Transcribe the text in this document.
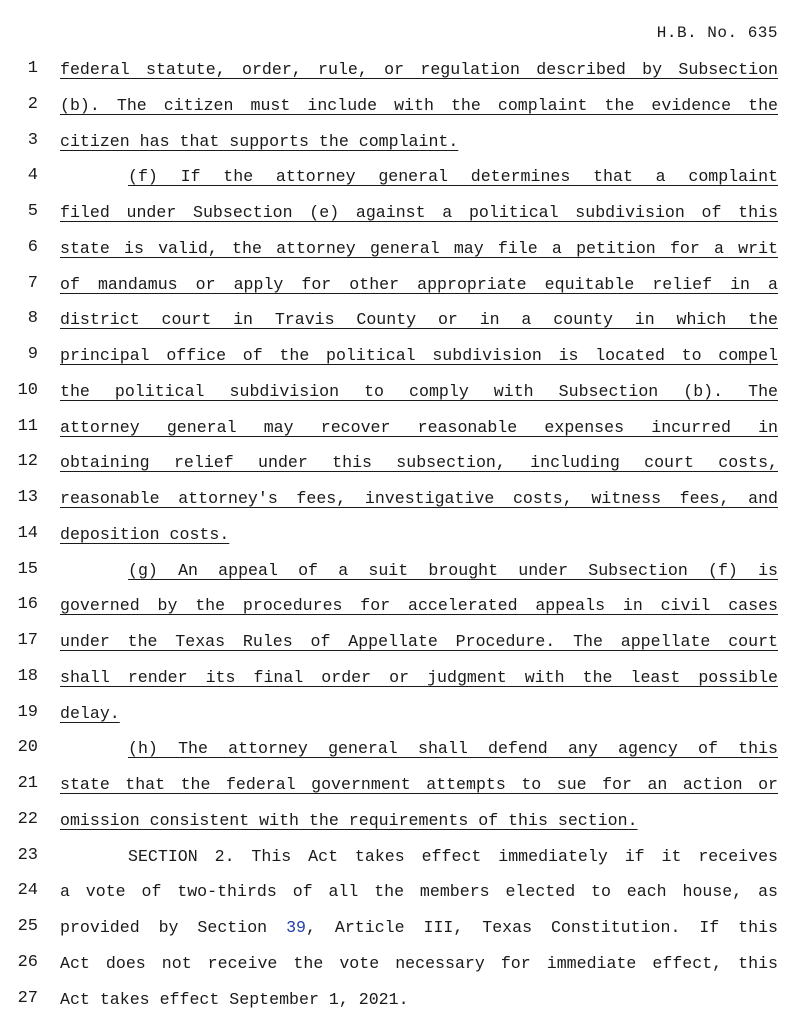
H.B. No. 635
1 federal statute, order, rule, or regulation described by Subsection
2 (b). The citizen must include with the complaint the evidence the
3 citizen has that supports the complaint.
4	(f) If the attorney general determines that a complaint
5 filed under Subsection (e) against a political subdivision of this
6 state is valid, the attorney general may file a petition for a writ
7 of mandamus or apply for other appropriate equitable relief in a
8 district court in Travis County or in a county in which the
9 principal office of the political subdivision is located to compel
10 the political subdivision to comply with Subsection (b). The
11 attorney general may recover reasonable expenses incurred in
12 obtaining relief under this subsection, including court costs,
13 reasonable attorney's fees, investigative costs, witness fees, and
14 deposition costs.
15	(g) An appeal of a suit brought under Subsection (f) is
16 governed by the procedures for accelerated appeals in civil cases
17 under the Texas Rules of Appellate Procedure. The appellate court
18 shall render its final order or judgment with the least possible
19 delay.
20	(h) The attorney general shall defend any agency of this
21 state that the federal government attempts to sue for an action or
22 omission consistent with the requirements of this section.
23	SECTION 2. This Act takes effect immediately if it receives
24 a vote of two-thirds of all the members elected to each house, as
25 provided by Section 39, Article III, Texas Constitution. If this
26 Act does not receive the vote necessary for immediate effect, this
27 Act takes effect September 1, 2021.
